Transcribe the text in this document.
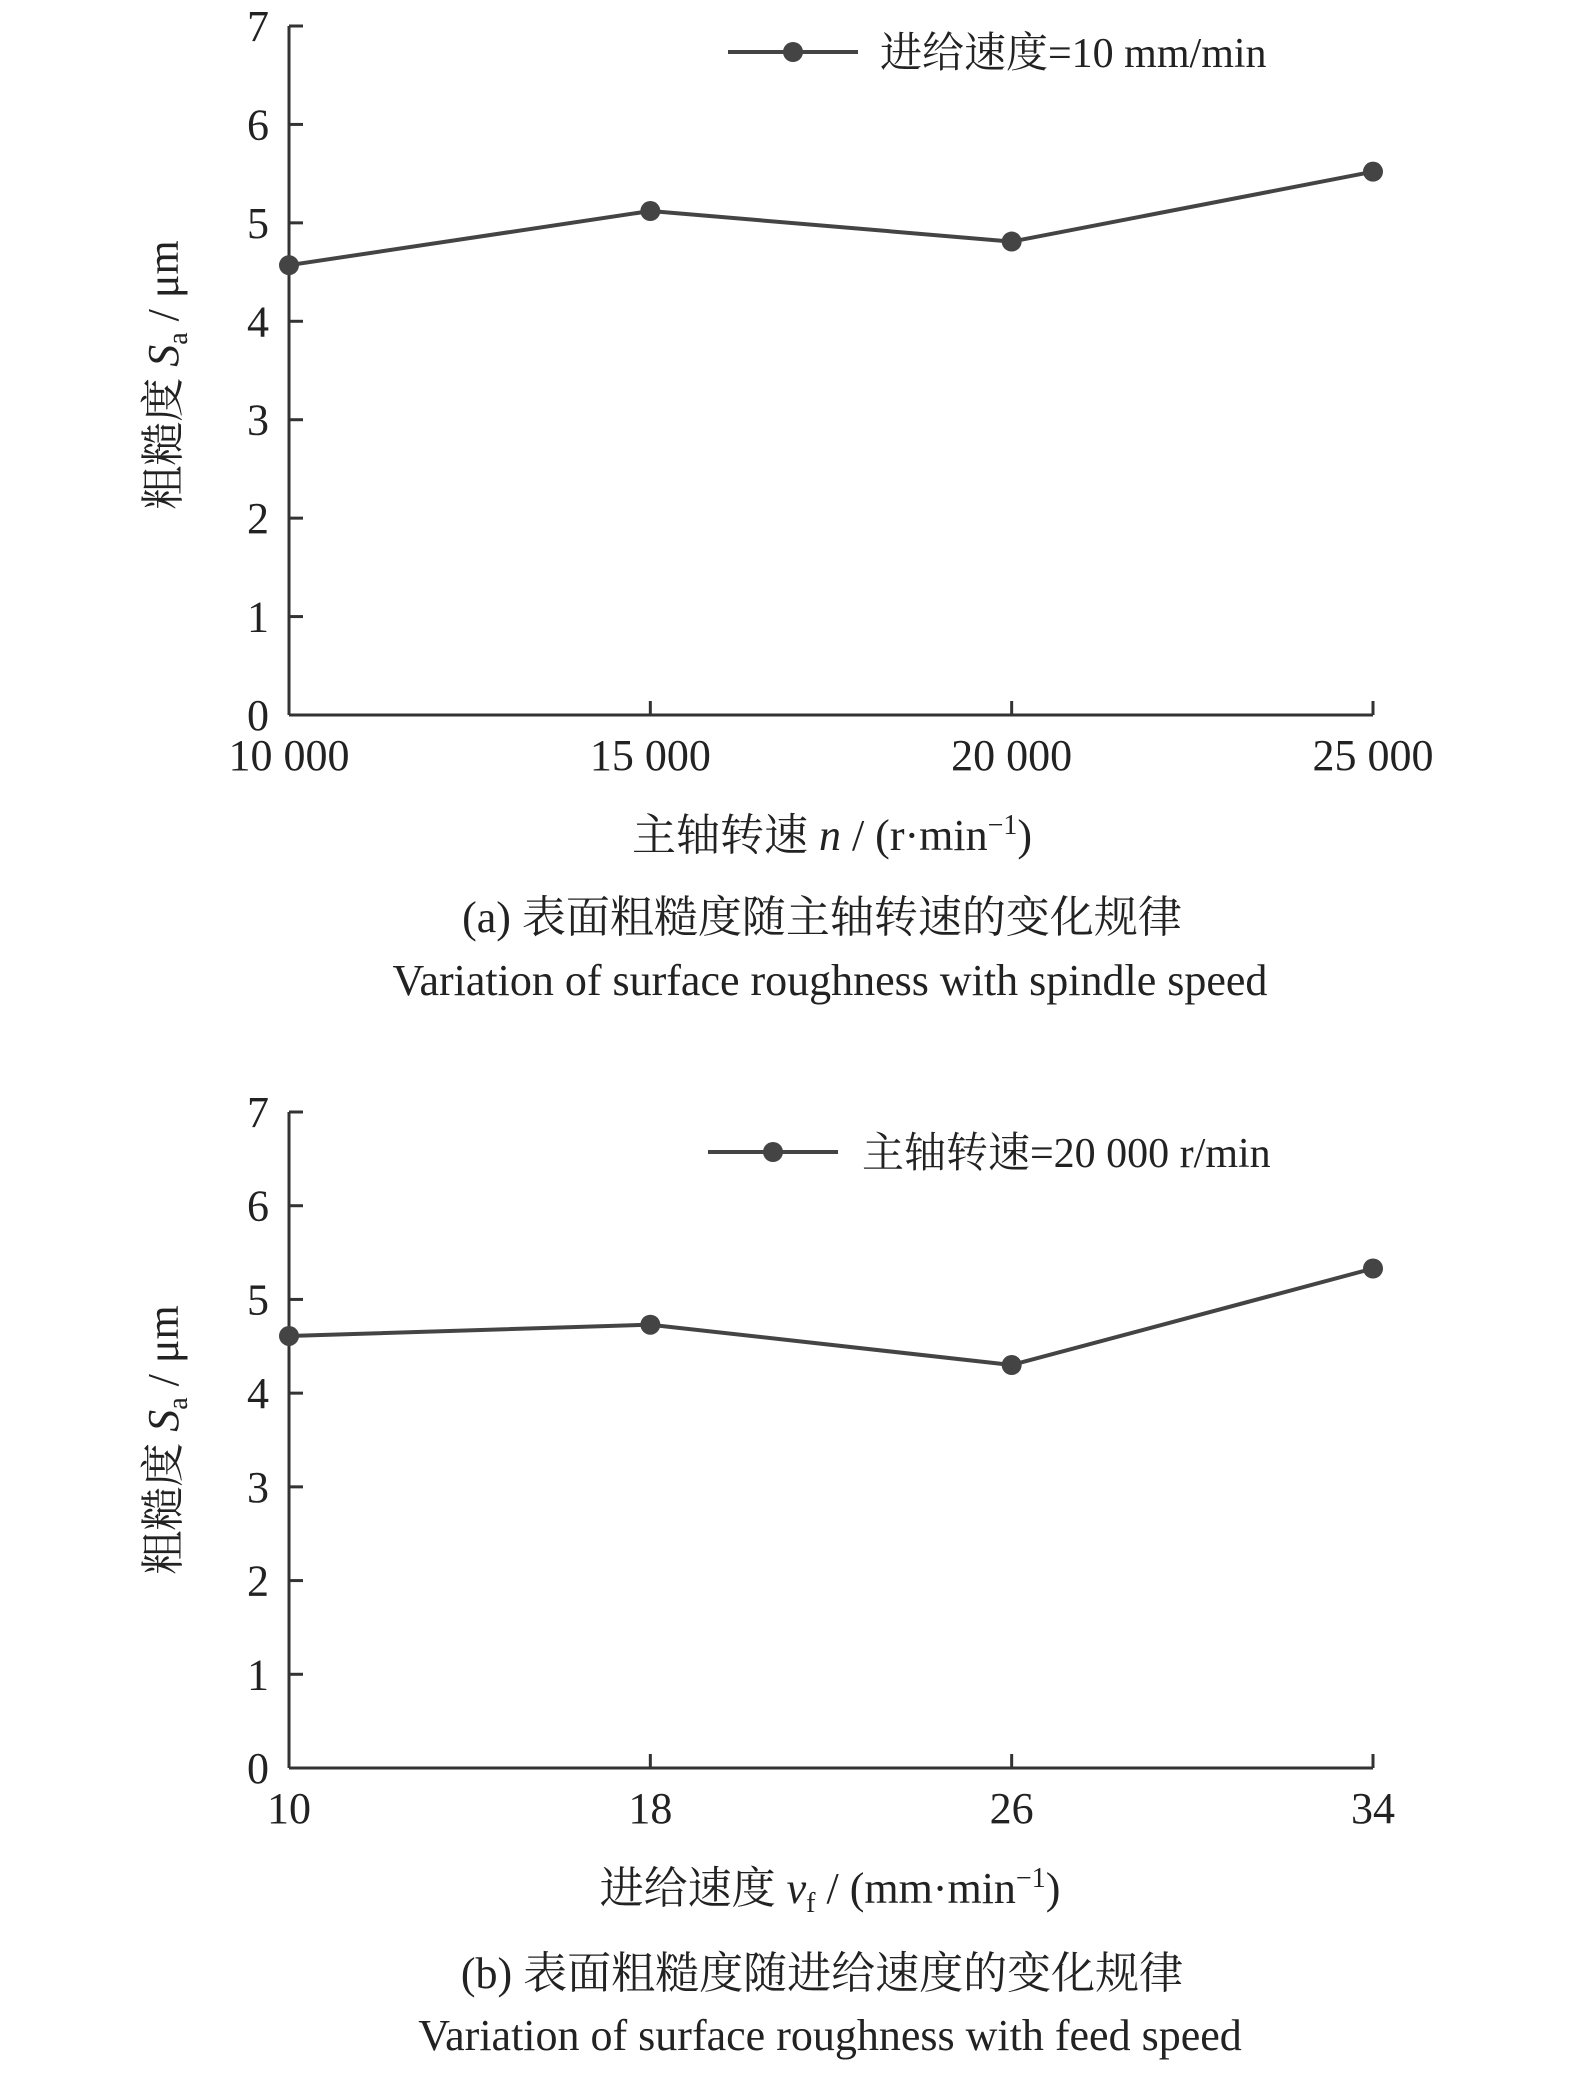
0
1
2
3
4
5
6
7
10 000	15 000	20 000	25 000
进给速度=10 mm/min
粗糙度 $S_a$ / μm
主轴转速 $n / (r\cdot\min^{-1})$
(a) 表面粗糙度随主轴转速的变化规律
Variation of surface roughness with spindle speed
0
1
2
3
4
5
6
7
10	18	26	34
主轴转速=20 000 r/min
粗糙度 $S_a$ / μm
进给速度 $v_f / (mm\cdot\min^{-1})$
(b) 表面粗糙度随进给速度的变化规律
Variation of surface roughness with feed speed
